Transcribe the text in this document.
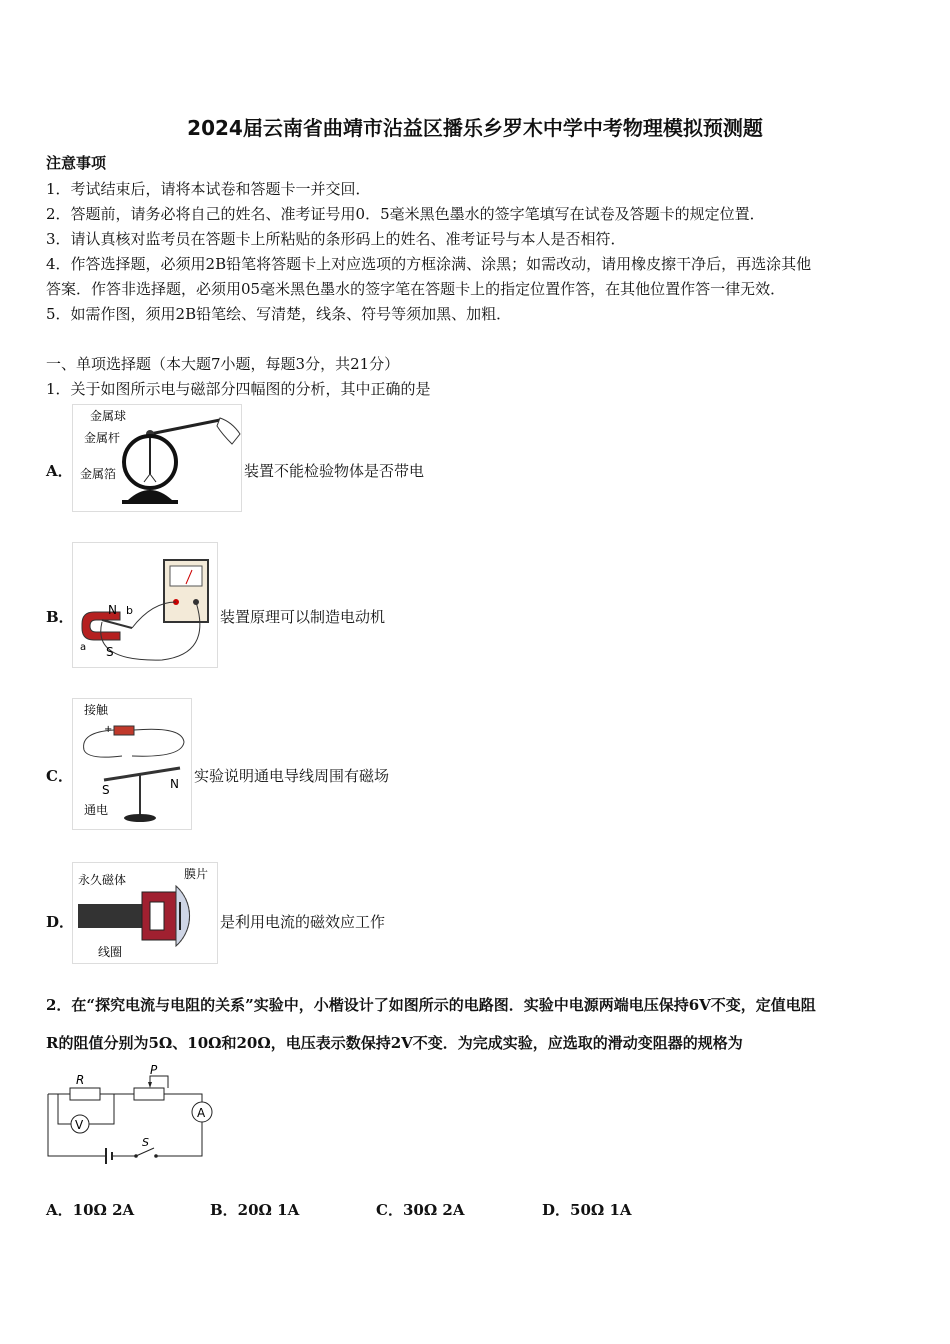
2024届云南省曲靖市沾益区播乐乡罗木中学中考物理模拟预测题
注意事项
1．考试结束后，请将本试卷和答题卡一并交回．
2．答题前，请务必将自己的姓名、准考证号用0．5毫米黑色墨水的签字笔填写在试卷及答题卡的规定位置．
3．请认真核对监考员在答题卡上所粘贴的条形码上的姓名、准考证号与本人是否相符．
4．作答选择题，必须用2B铅笔将答题卡上对应选项的方框涂满、涂黑；如需改动，请用橡皮擦干净后，再选涂其他
答案．作答非选择题，必须用05毫米黑色墨水的签字笔在答题卡上的指定位置作答，在其他位置作答一律无效．
5．如需作图，须用2B铅笔绘、写清楚，线条、符号等须加黑、加粗．
一、单项选择题（本大题7小题，每题3分，共21分）
1．关于如图所示电与磁部分四幅图的分析，其中正确的是
A．
金属球
金属杆
金属箔	装置不能检验物体是否带电
B．	N b
a S
装置原理可以制造电动机
C．
接触
+
S	N
通电
实验说明通电导线周围有磁场
D．
永久磁体	膜片
线圈
是利用电流的磁效应工作
2．在“探究电流与电阻的关系”实验中，小楷设计了如图所示的电路图．实验中电源两端电压保持6V不变，定值电阻
R的阻值分别为5Ω、10Ω和20Ω，电压表示数保持2V不变．为完成实验，应选取的滑动变阻器的规格为
R
P
V
A
S
A．10Ω 2A	B．20Ω 1A	C．30Ω 2A	D．50Ω 1A
